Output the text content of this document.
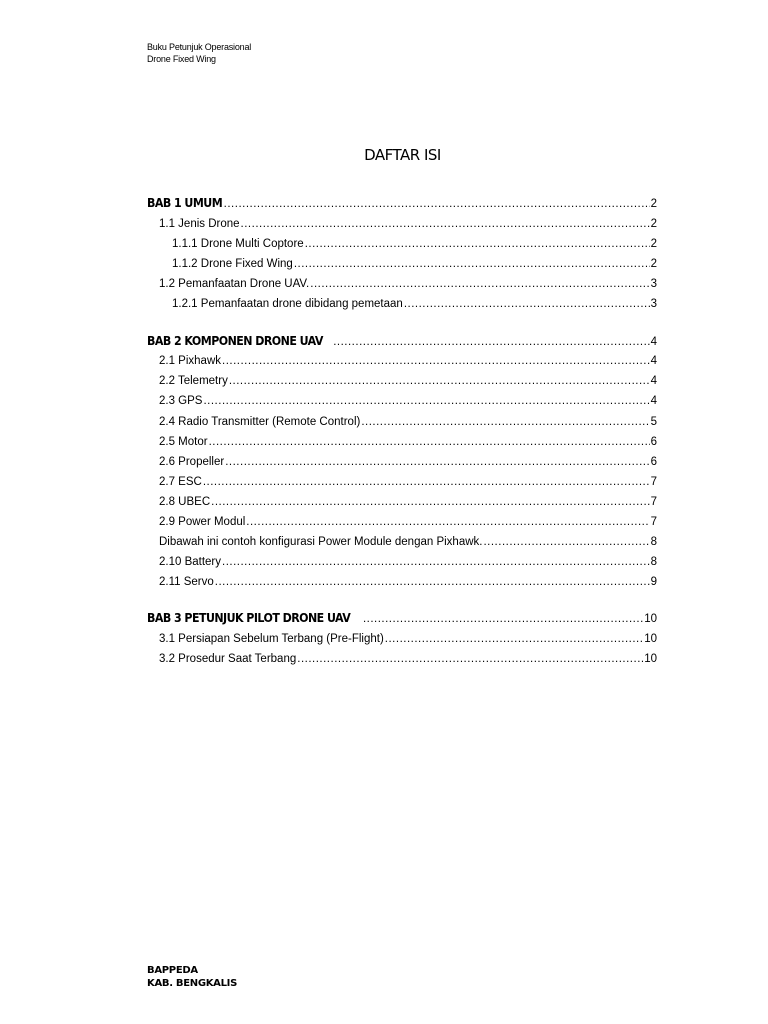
Buku Petunjuk Operasional
Drone Fixed Wing
DAFTAR ISI
BAB 1 UMUM .....	2
1.1 Jenis Drone .....	2
1.1.1 Drone Multi Coptore .....	2
1.1.2 Drone Fixed Wing .....	2
1.2 Pemanfaatan Drone UAV. .....	3
1.2.1 Pemanfaatan drone dibidang pemetaan .....	3
BAB 2 KOMPONEN DRONE UAV .....	4
2.1 Pixhawk .....	4
2.2 Telemetry .....	4
2.3 GPS .....	4
2.4 Radio Transmitter (Remote Control) .....	5
2.5 Motor .....	6
2.6 Propeller .....	6
2.7 ESC .....	7
2.8 UBEC .....	7
2.9 Power Modul .....	7
Dibawah ini contoh konfigurasi Power Module dengan Pixhawk. .....	8
2.10 Battery .....	8
2.11 Servo .....	9
BAB 3 PETUNJUK PILOT DRONE UAV .....	10
3.1 Persiapan Sebelum Terbang (Pre-Flight) .....	10
3.2 Prosedur Saat Terbang .....	10
BAPPEDA
KAB. BENGKALIS
